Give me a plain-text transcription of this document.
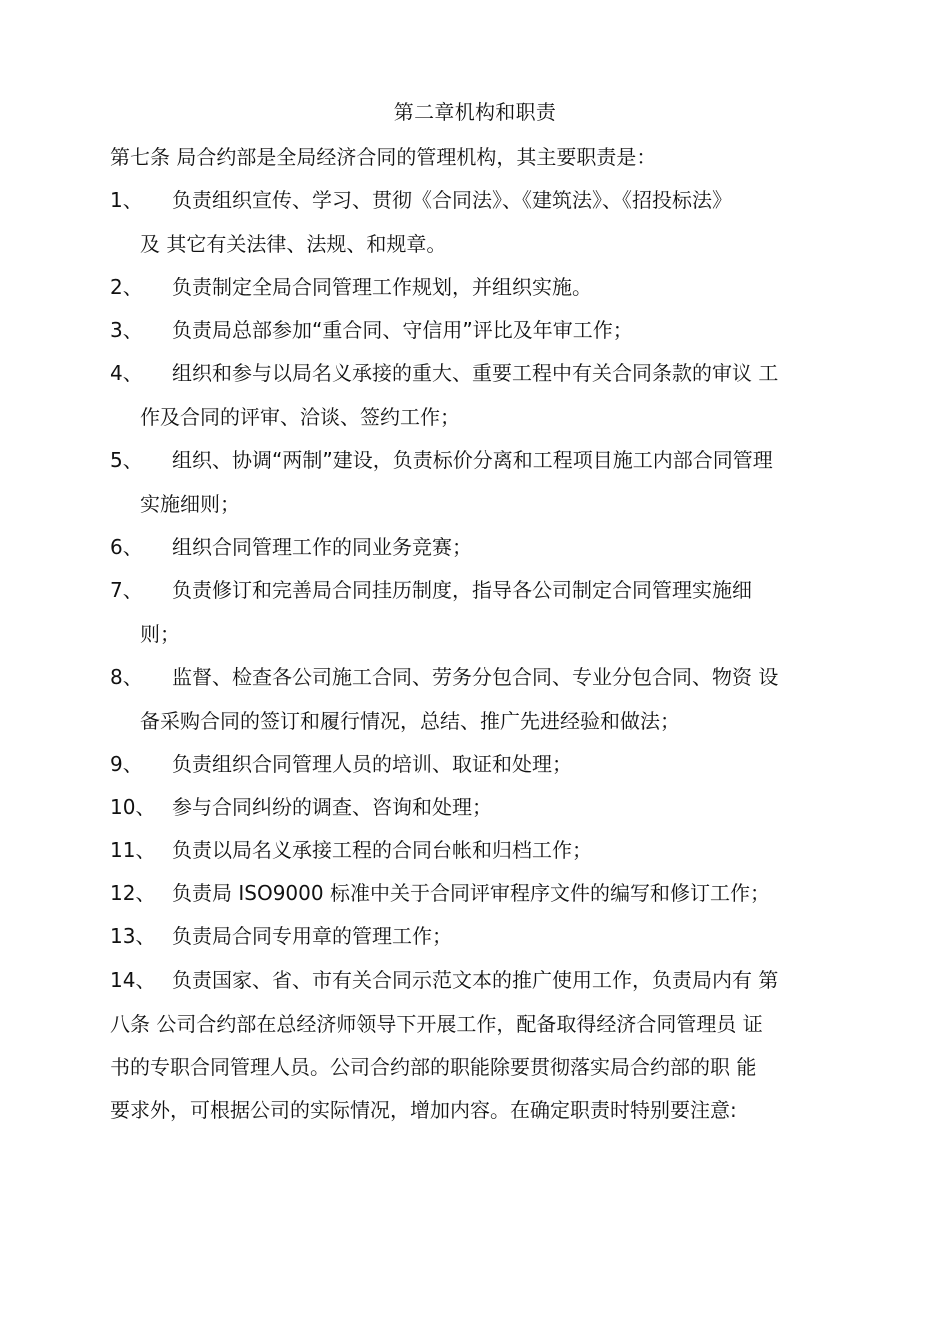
第二章机构和职责
第七条 局合约部是全局经济合同的管理机构，其主要职责是：
1、 负责组织宣传、学习、贯彻《合同法》、《建筑法》、《招投标法》
及 其它有关法律、法规、和规章。
2、 负责制定全局合同管理工作规划，并组织实施。
3、 负责局总部参加“重合同、守信用”评比及年审工作；
4、 组织和参与以局名义承接的重大、重要工程中有关合同条款的审议 工
作及合同的评审、洽谈、签约工作；
5、 组织、协调“两制”建设，负责标价分离和工程项目施工内部合同管理
实施细则；
6、 组织合同管理工作的同业务竞赛；
7、 负责修订和完善局合同挂历制度，指导各公司制定合同管理实施细
则；
8、 监督、检查各公司施工合同、劳务分包合同、专业分包合同、物资 设
备采购合同的签订和履行情况，总结、推广先进经验和做法；
9、 负责组织合同管理人员的培训、取证和处理；
10、 参与合同纠纷的调查、咨询和处理；
11、 负责以局名义承接工程的合同台帐和归档工作；
12、 负责局 ISO9000 标准中关于合同评审程序文件的编写和修订工作；
13、 负责局合同专用章的管理工作；
14、 负责国家、省、市有关合同示范文本的推广使用工作，负责局内有 第
八条 公司合约部在总经济师领导下开展工作，配备取得经济合同管理员 证
书的专职合同管理人员。公司合约部的职能除要贯彻落实局合约部的职 能
要求外，可根据公司的实际情况，增加内容。在确定职责时特别要注意:
